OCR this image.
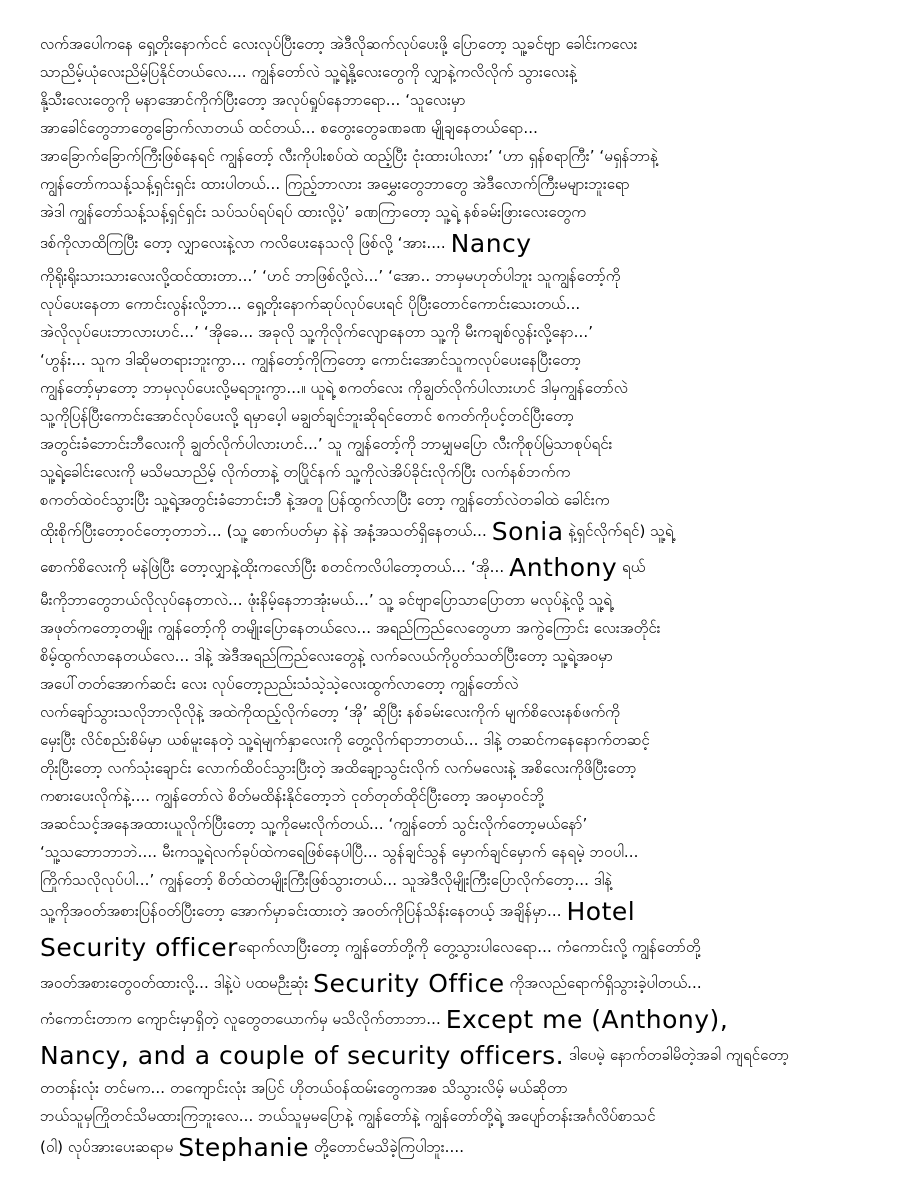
လက်အပေါကနေ ရှေ့တိုးနောက်ငင် လေးလုပ်ပြီးတော့ အဲဒီလိုဆက်လုပ်ပေးဖို့ ပြောတော့ သူ့ခင်ဗျာ ခေါင်းကလေး
သာညိမ့်ယုံလေးညိမ့်ပြနိုင်တယ်လေ.... ကျွန်တော်လဲ သူ့ရဲ့နို့လေးတွေကို လျှာနဲ့ကလိလိုက် သွားလေးနဲ့
နို့သီးလေးတွေကို မနာအောင်ကိုက်ပြီးတော့ အလုပ်ရှုပ်နေဘာရော... ‘သူလေးမှာ
အာခေါင်တွေဘာတွေခြောက်လာတယ် ထင်တယ်... စတွေးတွေခဏခဏ မျိုချနေတယ်ရော...
အာခြောက်ခြောက်ကြီးဖြစ်နေရင် ကျွန်တော့် လီးကိုပါးစပ်ထဲ ထည့်ပြီး ငုံးထားပါးလား’ ‘ဟာ ရှန်စရာကြီး’ ‘မရှန်ဘာနဲ့
ကျွန်တော်ကသန့်သန့်ရှင်းရှင်း ထားပါတယ်... ကြည့်ဘာလား အမွှေးတွေဘာတွေ အဲဒီလောက်ကြီးမများဘူးရော
အဲဒါ ကျွန်တော်သန့်သန့်ရှင်ရှင်း သပ်သပ်ရပ်ရပ် ထားလို့ပဲ့’ ခဏကြာတော့ သူ့ရဲ့ နစ်ခမ်းဖြားလေးတွေက
ဒစ်ကိုလာထိကြပြီး တော့ လျှာလေးနဲ့လာ ကလိပေးနေသလို ဖြစ်လို့ ‘အား.... Nancy
ကိုရိုးရိုးသားသားလေးလို့ထင်ထားတာ...’ ‘ဟင် ဘာဖြစ်လို့လဲ...’ ‘အော.. ဘာမှမဟုတ်ပါဘူး သူကျွန်တော့်ကို
လုပ်ပေးနေတာ ကောင်းလွန်းလို့ဘာ... ရှေ့တိုးနောက်ဆုပ်လုပ်ပေးရင် ပိုပြီးတောင်ကောင်းသေးတယ်...
အဲလိုလုပ်ပေးဘာလားဟင်...’ ‘အိုခေ... အခုလို သူ့ကိုလိုက်လျောနေတာ သူ့ကို မီးကချစ်လွန်းလို့နော...’
‘ဟွန်း... သူက ဒါဆိုမတရားဘူးကွာ... ကျွန်တော့်ကိုကြတော့ ကောင်းအောင်သူကလုပ်ပေးနေပြီးတော့
ကျွန်တော့်မှာတော့ ဘာမှလုပ်ပေးလို့မရဘူးကွာ...။ ယူရဲ့ စကတ်လေး ကိုချွတ်လိုက်ပါလားဟင် ဒါမှကျွန်တော်လဲ
သူ့ကိုပြန်ပြီးကောင်းအောင်လုပ်ပေးလို့ ရမှာပေ့ါ မချွတ်ချင်ဘူးဆိုရင်တောင် စကတ်ကိုပင့်တင်ပြီးတော့
အတွင်းခံဘောင်းဘီလေးကို ချွတ်လိုက်ပါလားဟင်...’ သူ ကျွန်တော့်ကို ဘာမျှမပြော လီးကိုစုပ်မြဲသာစုပ်ရင်း
သူ့ရဲ့ခေါင်းလေးကို မသိမသာညိမ့် လိုက်တာနဲ့ တပြိုင်နက် သူ့ကိုလဲအိပ်ခိုင်းလိုက်ပြီး လက်နစ်ဘက်က
စကတ်ထဲဝင်သွားပြီး သူ့ရဲ့အတွင်းခံဘောင်းဘီ နဲ့အတူ ပြန်ထွက်လာပြီး တော့ ကျွန်တော်လဲတခါထဲ ခေါင်းက
ထိုးစိုက်ပြီးတော့ဝင်တော့တာဘဲ... (သူ့ စောက်ပတ်မှာ နဲနဲ အနံ့အသတ်ရှိနေတယ်... Sonia နဲ့ရှင်လိုက်ရင်) သူ့ရဲ့
စောက်စိလေးကို မနဲဖြဲပြီး တော့လျှာနဲ့ထိုးကလော်ပြီး စတင်ကလိပါတော့တယ်... ‘အို... Anthony ရယ်
မီးကိုဘာတွေဘယ်လိုလုပ်နေတာလဲ... ဖုံးနိမ့်နေဘာအုံးမယ်...’ သူ့ ခင်ဗျာပြောသာပြောတာ မလုပ်နဲ့လို့ သူ့ရဲ့
အဖုတ်ကတော့တမျိုး ကျွန်တော့်ကို တမျိုးပြောနေတယ်လေ... အရည်ကြည်လေတွေဟာ အကွဲကြောင်း လေးအတိုင်း
စိမ့်ထွက်လာနေတယ်လေ... ဒါနဲ့ အဲဒီအရည်ကြည်လေးတွေနဲ့ လက်ခလယ်ကိုပွတ်သတ်ပြီးတော့ သူ့ရဲ့အဝမှာ
အပေါ်တတ်အောက်ဆင်း လေး လုပ်တော့ညည်းသံသဲ့သဲ့လေးထွက်လာတော့ ကျွန်တော်လဲ
လက်ချော်သွားသလိုဘာလိုလိုနဲ့ အထဲကိုထည့်လိုက်တော့ ‘အို’ ဆိုပြီး နစ်ခမ်းလေးကိုက် မျက်စိလေးနစ်ဖက်ကို
မှေးပြီး လိင်စည်းစိမ်မှာ ယစ်မူးနေတဲ့ သူ့ရဲမျက်နှာလေးကို တွေ့လိုက်ရာဘာတယ်... ဒါနဲ့ တဆင်ကနေနောက်တဆင့်
တိုးပြီးတော့ လက်သုံးချောင်း လောက်ထိဝင်သွားပြီးတဲ့ အထိချော့သွင်းလိုက် လက်မလေးနဲ့ အစိလေးကိုဖိပြီးတော့
ကစားပေးလိုက်နဲ့.... ကျွန်တော်လဲ စိတ်မထိန်းနိုင်တော့ဘဲ ငုတ်တုတ်ထိုင်ပြီးတော့ အဝမှာဝင်ဘို့
အဆင်သင့်အနေအထားယူလိုက်ပြီးတော့ သူ့ကိုမေးလိုက်တယ်... ‘ကျွန်တော် သွင်းလိုက်တော့မယ်နော်’
‘သူ့သဘောဘာဘဲ.... မီးကသူ့ရဲလက်ခုပ်ထဲကရေဖြစ်နေပါပြီ... သွန်ချင်သွန် မှောက်ချင်မှောက် နေရမဲ့ ဘဝပါ...
ကြိုက်သလိုလုပ်ပါ...’ ကျွန်တော့် စိတ်ထဲတမျိုးကြီးဖြစ်သွားတယ်... သူအဲဒီလိုမျိုးကြီးပြောလိုက်တော့... ဒါနဲ့
သူ့ကိုအဝတ်အစားပြန်ဝတ်ပြီးတော့ အောက်မှာခင်းထားတဲ့ အဝတ်ကိုပြန်သိန်းနေတယ့် အချိန်မှာ... Hotel
Security officerရောက်လာပြီးတော့ ကျွန်တော်တို့ကို တွေ့သွားပါလေရော... ကံကောင်းလို့ ကျွန်တော်တို့
အဝတ်အစားတွေဝတ်ထားလို့... ဒါနဲ့ပဲ ပထမဉီးဆုံး Security Office ကိုအလည်ရောက်ရှိသွားခဲ့ပါတယ်...
ကံကောင်းတာက ကျောင်းမှာရှိတဲ့ လူတွေတယောက်မှ မသိလိုက်တာဘာ... Except me (Anthony),
Nancy, and a couple of security officers. ဒါပေမဲ့ နောက်တခါမိတဲ့အခါ ကျရင်တော့
တတန်းလုံး တင်မက... တကျောင်းလုံး အပြင် ဟိုတယ်ဝန်ထမ်းတွေကအစ သိသွားလိမ့် မယ်ဆိုတာ
ဘယ်သူမှကြိုတင်သိမထားကြဘူးလေ... ဘယ်သူမှမပြောနဲ့ ကျွန်တော်နဲ့ ကျွန်တော်တို့ရဲ့ အပျော်တန်းအင်္ဂလိပ်စာသင်
(ဝါ) လုပ်အားပေးဆရာမ Stephanie တို့တောင်မသိခဲ့ကြပါဘူး....
